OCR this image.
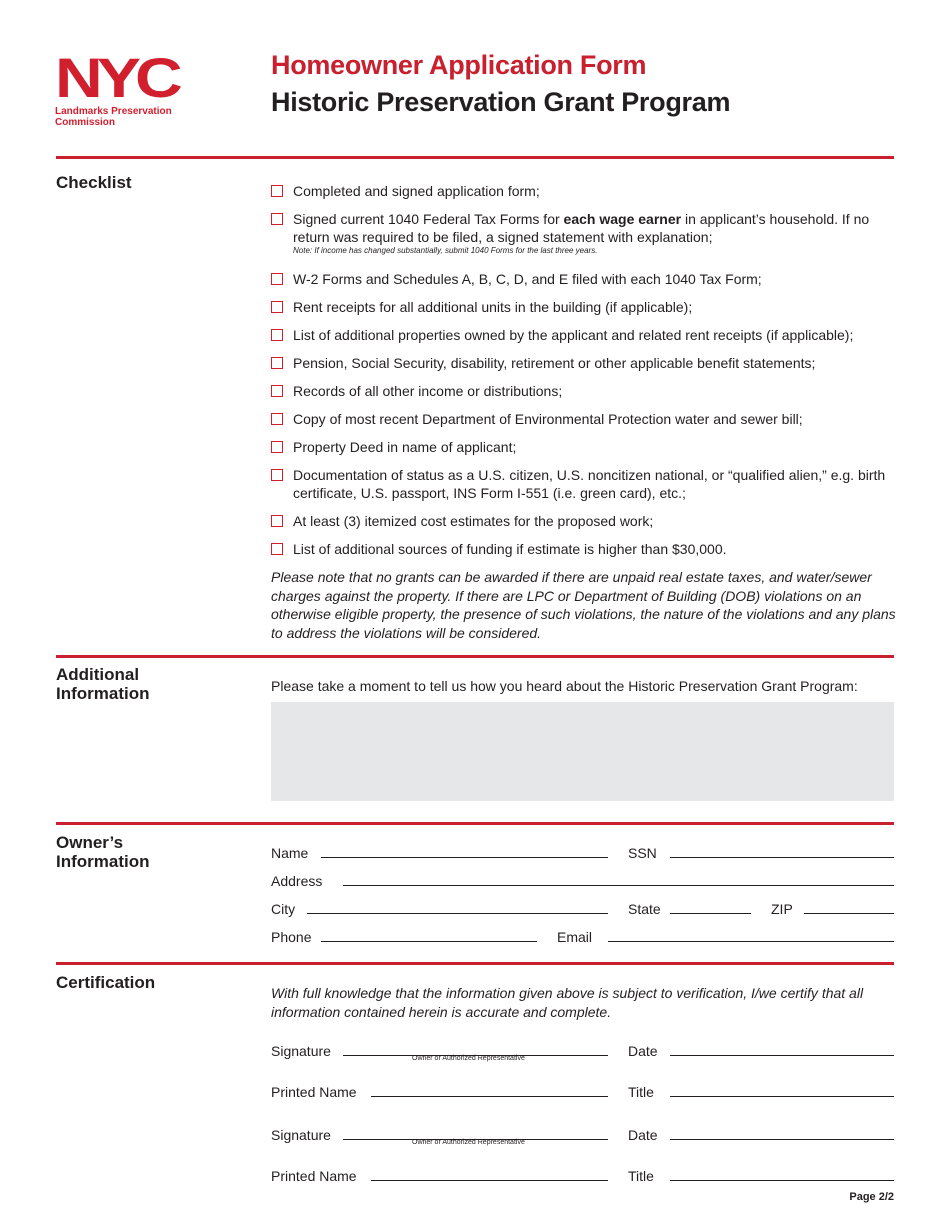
NYC
Landmarks Preservation
Commission
Homeowner Application Form
Historic Preservation Grant Program
Checklist	Completed and signed application form;
Signed current 1040 Federal Tax Forms for each wage earner in applicant’s household. If no return was required to be filed, a signed statement with explanation;
Note: If income has changed substantially, submit 1040 Forms for the last three years.
W-2 Forms and Schedules A, B, C, D, and E filed with each 1040 Tax Form;
Rent receipts for all additional units in the building (if applicable);
List of additional properties owned by the applicant and related rent receipts (if applicable);
Pension, Social Security, disability, retirement or other applicable benefit statements;
Records of all other income or distributions;
Copy of most recent Department of Environmental Protection water and sewer bill;
Property Deed in name of applicant;
Documentation of status as a U.S. citizen, U.S. noncitizen national, or “qualified alien,” e.g. birth certificate, U.S. passport, INS Form I-551 (i.e. green card), etc.;
At least (3) itemized cost estimates for the proposed work;
List of additional sources of funding if estimate is higher than $30,000.
Please note that no grants can be awarded if there are unpaid real estate taxes, and water/sewer charges against the property. If there are LPC or Department of Building (DOB) violations on an otherwise eligible property, the presence of such violations, the nature of the violations and any plans to address the violations will be considered.
Additional
Information	Please take a moment to tell us how you heard about the Historic Preservation Grant Program:
Owner’s
Information	Name	SSN
Address
City	State	ZIP
Phone	Email
Certification
With full knowledge that the information given above is subject to verification, I/we certify that all information contained herein is accurate and complete.
Signature	Owner or Authorized Representative	Date
Printed Name	Title
Signature	Owner or Authorized Representative	Date
Printed Name	Title
Page 2/2
